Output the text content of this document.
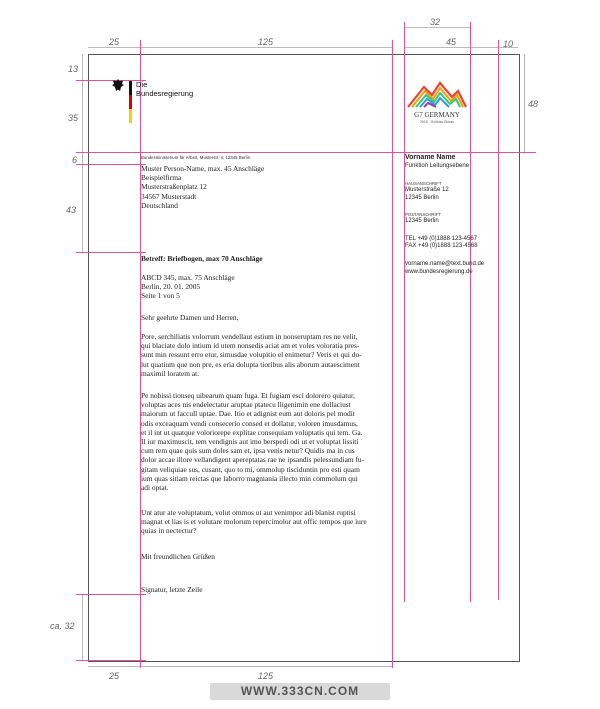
25	125
32
45	10
13
35
6
43
48
ca. 32
25	125
Die
Bundesregierung
G7 GERMANY
2015 · Schloss Elmau
Bundesministerium für Arbeit, Musterstr. 4, 12345 Berlin

Muster Person-Name, max. 45 Anschläge

Beispielfirma

Musterstraßenplatz 12

34567 Musterstadt

Deutschland

Betreff: Briefbogen, max 70 Anschläge

ABCD 345, max. 75 Anschläge

Berlin, 20. 01. 2005

Seite 1 von 5

Sehr geehrte Damen und Herren,

Pore, serchiliatis volorrum vendellaut estium in nonseruptam res ne velit,

qui blaciate dolo intium id utem nonsedis aciat am et voles voloratia pres-

sunt min ressunt erro etur, simusdae volupitio el enimetur? Veris et qui do-

lut quatium que non pre, es eria dolupta tioribus alis aborum autaesciment

maximil loratem at.

Pe nobissi tionseq uibearum quam fuga. Et fugiam esci dolorero quiatur,

voluptas aces nis endelectatur aruptae ptatecu lligenimin ene dollaciust

maiorum ut faccull uptae. Dae. Itio et adignist eum aut doloris pel modit

odis exceaquam vendi consecerio consed et dollatur, voloren imusdamus,

et il int ut quatque voloriorepe explitae consequiam voluptatis qui tem. Ga.

Il iur maximuscit, tem vendignis aut imo berspedi odi ut et voluptat lissiti

cum rem quae quis sum doles sam et, ipsa venis netur? Quidis ma in cus

dolor accae illore vellandigent apereptatas rae ne ipsandis pelessundiam fu-

gitam veliquiae sus, cusant, quo to mi, ommolup tisciduntin pro esti quam

ium quas sitiam reictas que laborro magniania illecto min commolum qui

adi optat.

Unt atur ate voluptatum, volut ommos ut aut venimpor adi blanist ruptisi

magnat et lias is et volutare molorum repercimolor aut offic tempos que iure

quias in nectectur?

Mit freundlichen Grüßen
Signatur, letzte Zeile
Vorname Name
Funktion Leitungsebene
HAUSANSCHRIFT
Musterstraße 12
12345 Berlin
POSTANSCHRIFT
12345 Berlin
TEL +49 (0)1888 123-4567
FAX +49 (0)1888 123-4568
vorname.name@text.bund.de
www.bundesregierung.de
WWW.333CN.COM
